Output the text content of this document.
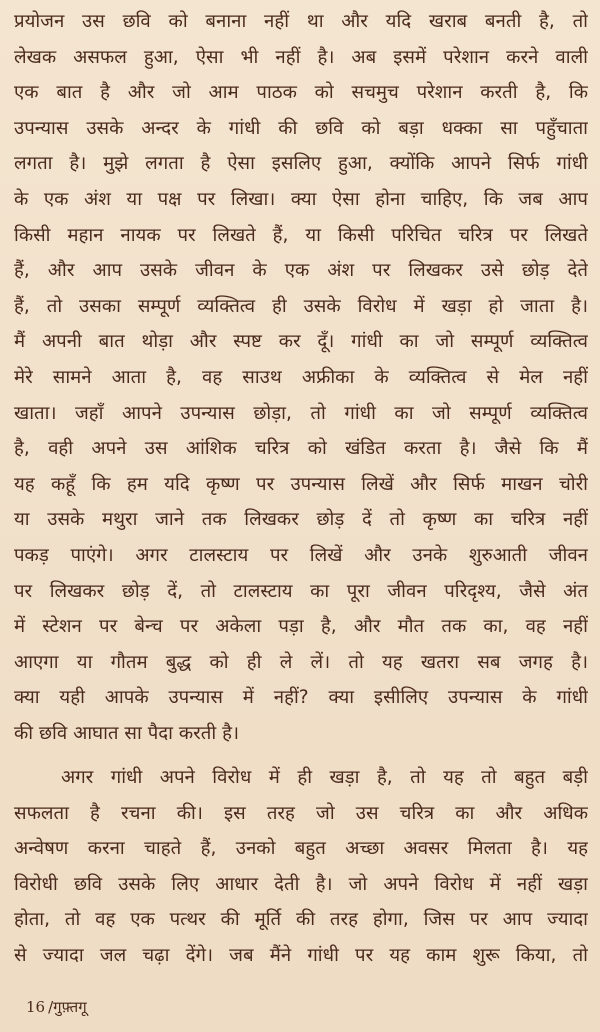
प्रयोजन उस छवि को बनाना नहीं था और यदि खराब बनती है, तो
लेखक असफल हुआ, ऐसा भी नहीं है। अब इसमें परेशान करने वाली
एक बात है और जो आम पाठक को सचमुच परेशान करती है, कि
उपन्यास उसके अन्दर के गांधी की छवि को बड़ा धक्का सा पहुँचाता
लगता है। मुझे लगता है ऐसा इसलिए हुआ, क्योंकि आपने सिर्फ गांधी
के एक अंश या पक्ष पर लिखा। क्या ऐसा होना चाहिए, कि जब आप
किसी महान नायक पर लिखते हैं, या किसी परिचित चरित्र पर लिखते
हैं, और आप उसके जीवन के एक अंश पर लिखकर उसे छोड़ देते
हैं, तो उसका सम्पूर्ण व्यक्तित्व ही उसके विरोध में खड़ा हो जाता है।
मैं अपनी बात थोड़ा और स्पष्ट कर दूँ। गांधी का जो सम्पूर्ण व्यक्तित्व
मेरे सामने आता है, वह साउथ अफ्रीका के व्यक्तित्व से मेल नहीं
खाता। जहाँ आपने उपन्यास छोड़ा, तो गांधी का जो सम्पूर्ण व्यक्तित्व
है, वही अपने उस आंशिक चरित्र को खंडित करता है। जैसे कि मैं
यह कहूँ कि हम यदि कृष्ण पर उपन्यास लिखें और सिर्फ माखन चोरी
या उसके मथुरा जाने तक लिखकर छोड़ दें तो कृष्ण का चरित्र नहीं
पकड़ पाएंगे। अगर टालस्टाय पर लिखें और उनके शुरुआती जीवन
पर लिखकर छोड़ दें, तो टालस्टाय का पूरा जीवन परिदृश्य, जैसे अंत
में स्टेशन पर बेन्च पर अकेला पड़ा है, और मौत तक का, वह नहीं
आएगा या गौतम बुद्ध को ही ले लें। तो यह खतरा सब जगह है।
क्या यही आपके उपन्यास में नहीं? क्या इसीलिए उपन्यास के गांधी
की छवि आघात सा पैदा करती है।
अगर गांधी अपने विरोध में ही खड़ा है, तो यह तो बहुत बड़ी
सफलता है रचना की। इस तरह जो उस चरित्र का और अधिक
अन्वेषण करना चाहते हैं, उनको बहुत अच्छा अवसर मिलता है। यह
विरोधी छवि उसके लिए आधार देती है। जो अपने विरोध में नहीं खड़ा
होता, तो वह एक पत्थर की मूर्ति की तरह होगा, जिस पर आप ज्यादा
से ज्यादा जल चढ़ा देंगे। जब मैंने गांधी पर यह काम शुरू किया, तो
16 /गुफ़्तगू
